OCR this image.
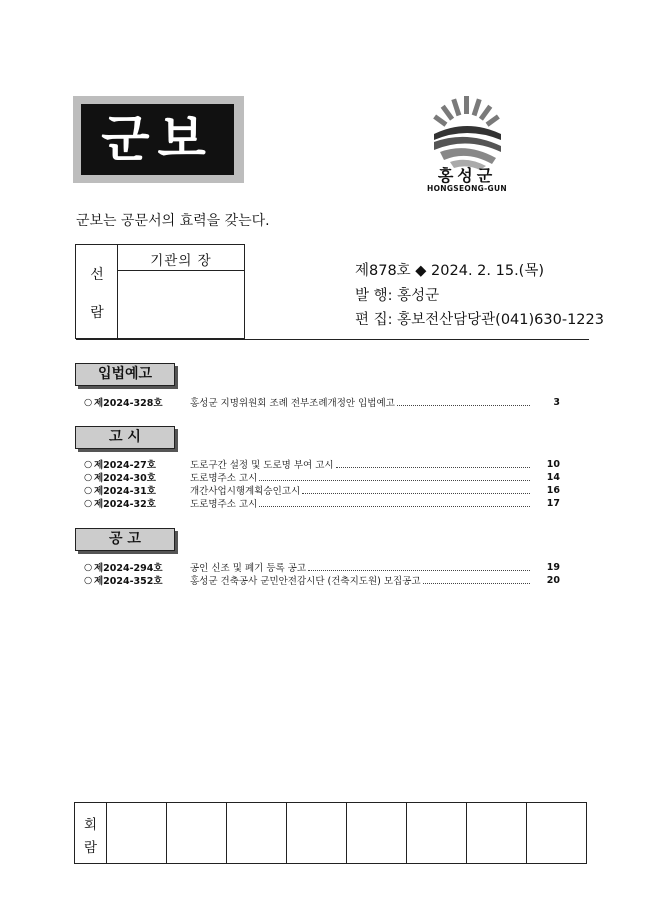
군보
홍성군
HONGSEONG-GUN
군보는 공문서의 효력을 갖는다.
선
람
기관의 장
제878호 ◆ 2024. 2. 15.(목)
발 행: 홍성군
편 집: 홍보전산담당관(041)630-1223
입법예고
○ 제2024-328호	홍성군 지명위원회 조례 전부조례개정안 입법예고	3
고 시
○ 제2024-27호	도로구간 설정 및 도로명 부여 고시	10
○ 제2024-30호	도로명주소 고시	14
○ 제2024-31호	개간사업시행계획승인고시	16
○ 제2024-32호	도로명주소 고시	17
공 고
○ 제2024-294호	공인 신조 및 폐기 등록 공고	19
○ 제2024-352호	홍성군 건축공사 군민안전감시단 (건축지도원) 모집공고	20
회
람
